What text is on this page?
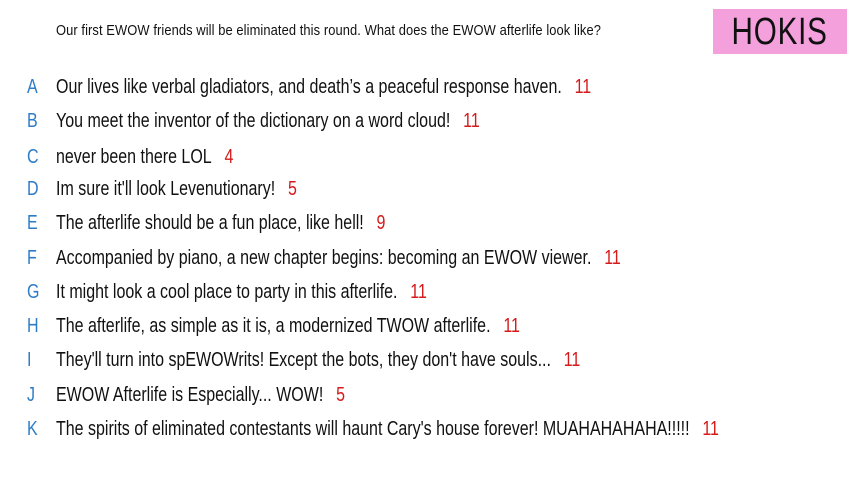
Our first EWOW friends will be eliminated this round. What does the EWOW afterlife look like?	HOKIS
A Our lives like verbal gladiators, and death’s a peaceful response haven. 11
B You meet the inventor of the dictionary on a word cloud! 11
C never been there LOL 4
D Im sure it'll look Levenutionary! 5
E The afterlife should be a fun place, like hell! 9
F Accompanied by piano, a new chapter begins: becoming an EWOW viewer. 11
G It might look a cool place to party in this afterlife. 11
H The afterlife, as simple as it is, a modernized TWOW afterlife. 11
I They'll turn into spEWOWrits! Except the bots, they don't have souls... 11
J EWOW Afterlife is Especially... WOW! 5
K The spirits of eliminated contestants will haunt Cary's house forever! MUAHAHAHAHA!!!!! 11
